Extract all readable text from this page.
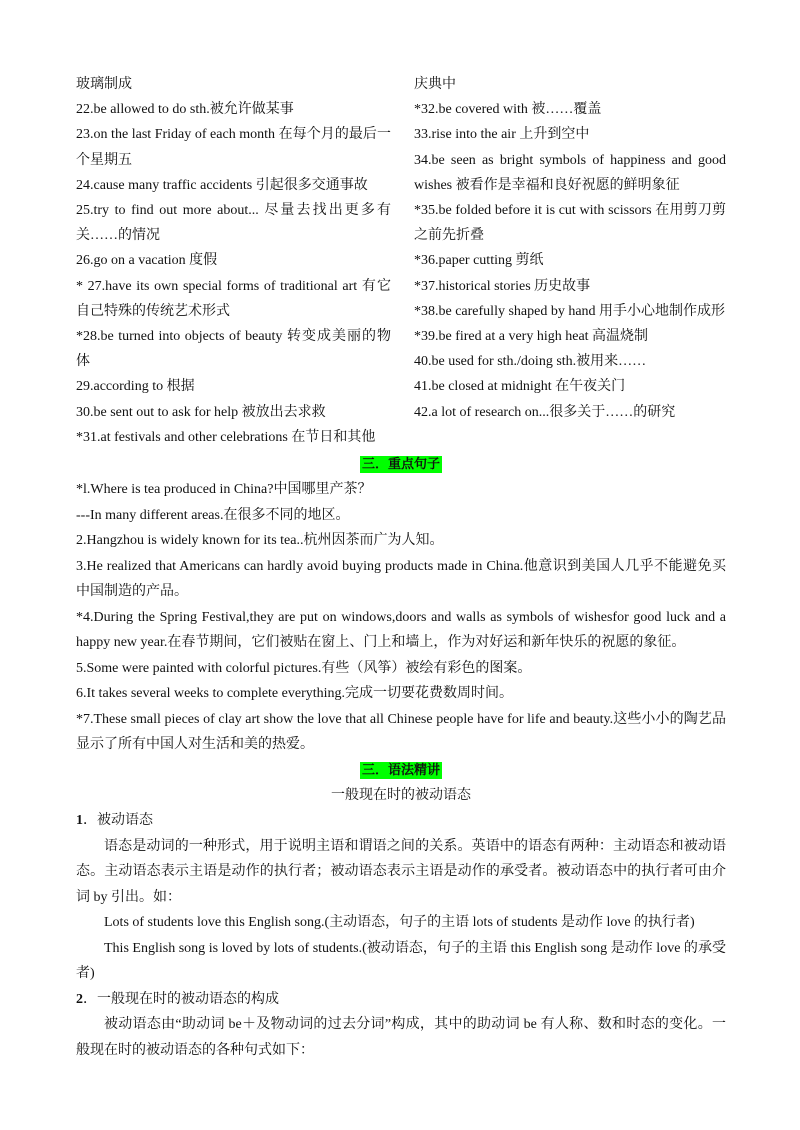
玻璃制成

22.be allowed to do sth.被允许做某事

23.on the last Friday of each month 在每个月的最后一个星期五

24.cause many traffic accidents 引起很多交通事故

25.try to find out more about... 尽量去找出更多有关……的情况

26.go on a vacation 度假

* 27.have its own special forms of traditional art 有它自己特殊的传统艺术形式

*28.be turned into objects of beauty 转变成美丽的物体

29.according to 根据

30.be sent out to ask for help 被放出去求救

*31.at festivals and other celebrations 在节日和其他

庆典中

*32.be covered with 被……覆盖

33.rise into the air 上升到空中

34.be seen as bright symbols of happiness and good wishes 被看作是幸福和良好祝愿的鲜明象征

*35.be folded before it is cut with scissors 在用剪刀剪之前先折叠

*36.paper cutting 剪纸

*37.historical stories 历史故事

*38.be carefully shaped by hand 用手小心地制作成形

*39.be fired at a very high heat 高温烧制

40.be used for sth./doing sth.被用来……

41.be closed at midnight 在午夜关门

42.a lot of research on...很多关于……的研究

三．重点句子

*l.Where is tea produced in China?中国哪里产茶？

---In many different areas.在很多不同的地区。

2.Hangzhou is widely known for its tea..杭州因茶而广为人知。

3.He realized that Americans can hardly avoid buying products made in China.他意识到美国人几乎不能避免买中国制造的产品。

*4.During the Spring Festival,they are put on windows,doors and walls as symbols of wishesfor good luck and a happy new year.在春节期间，它们被贴在窗上、门上和墙上，作为对好运和新年快乐的祝愿的象征。

5.Some were painted with colorful pictures.有些（风筝）被绘有彩色的图案。

6.It takes several weeks to complete everything.完成一切要花费数周时间。

*7.These small pieces of clay art show the love that all Chinese people have for life and beauty.这些小小的陶艺品显示了所有中国人对生活和美的热爱。

三．语法精讲

一般现在时的被动语态

1．被动语态

语态是动词的一种形式，用于说明主语和谓语之间的关系。英语中的语态有两种：主动语态和被动语态。主动语态表示主语是动作的执行者；被动语态表示主语是动作的承受者。被动语态中的执行者可由介词 by 引出。如：

Lots of students love this English song.(主动语态，句子的主语 lots of students 是动作 love 的执行者)

This English song is loved by lots of students.(被动语态，句子的主语 this English song 是动作 love 的承受者)

2．一般现在时的被动语态的构成

被动语态由“助动词 be＋及物动词的过去分词”构成，其中的助动词 be 有人称、数和时态的变化。一般现在时的被动语态的各种句式如下：
